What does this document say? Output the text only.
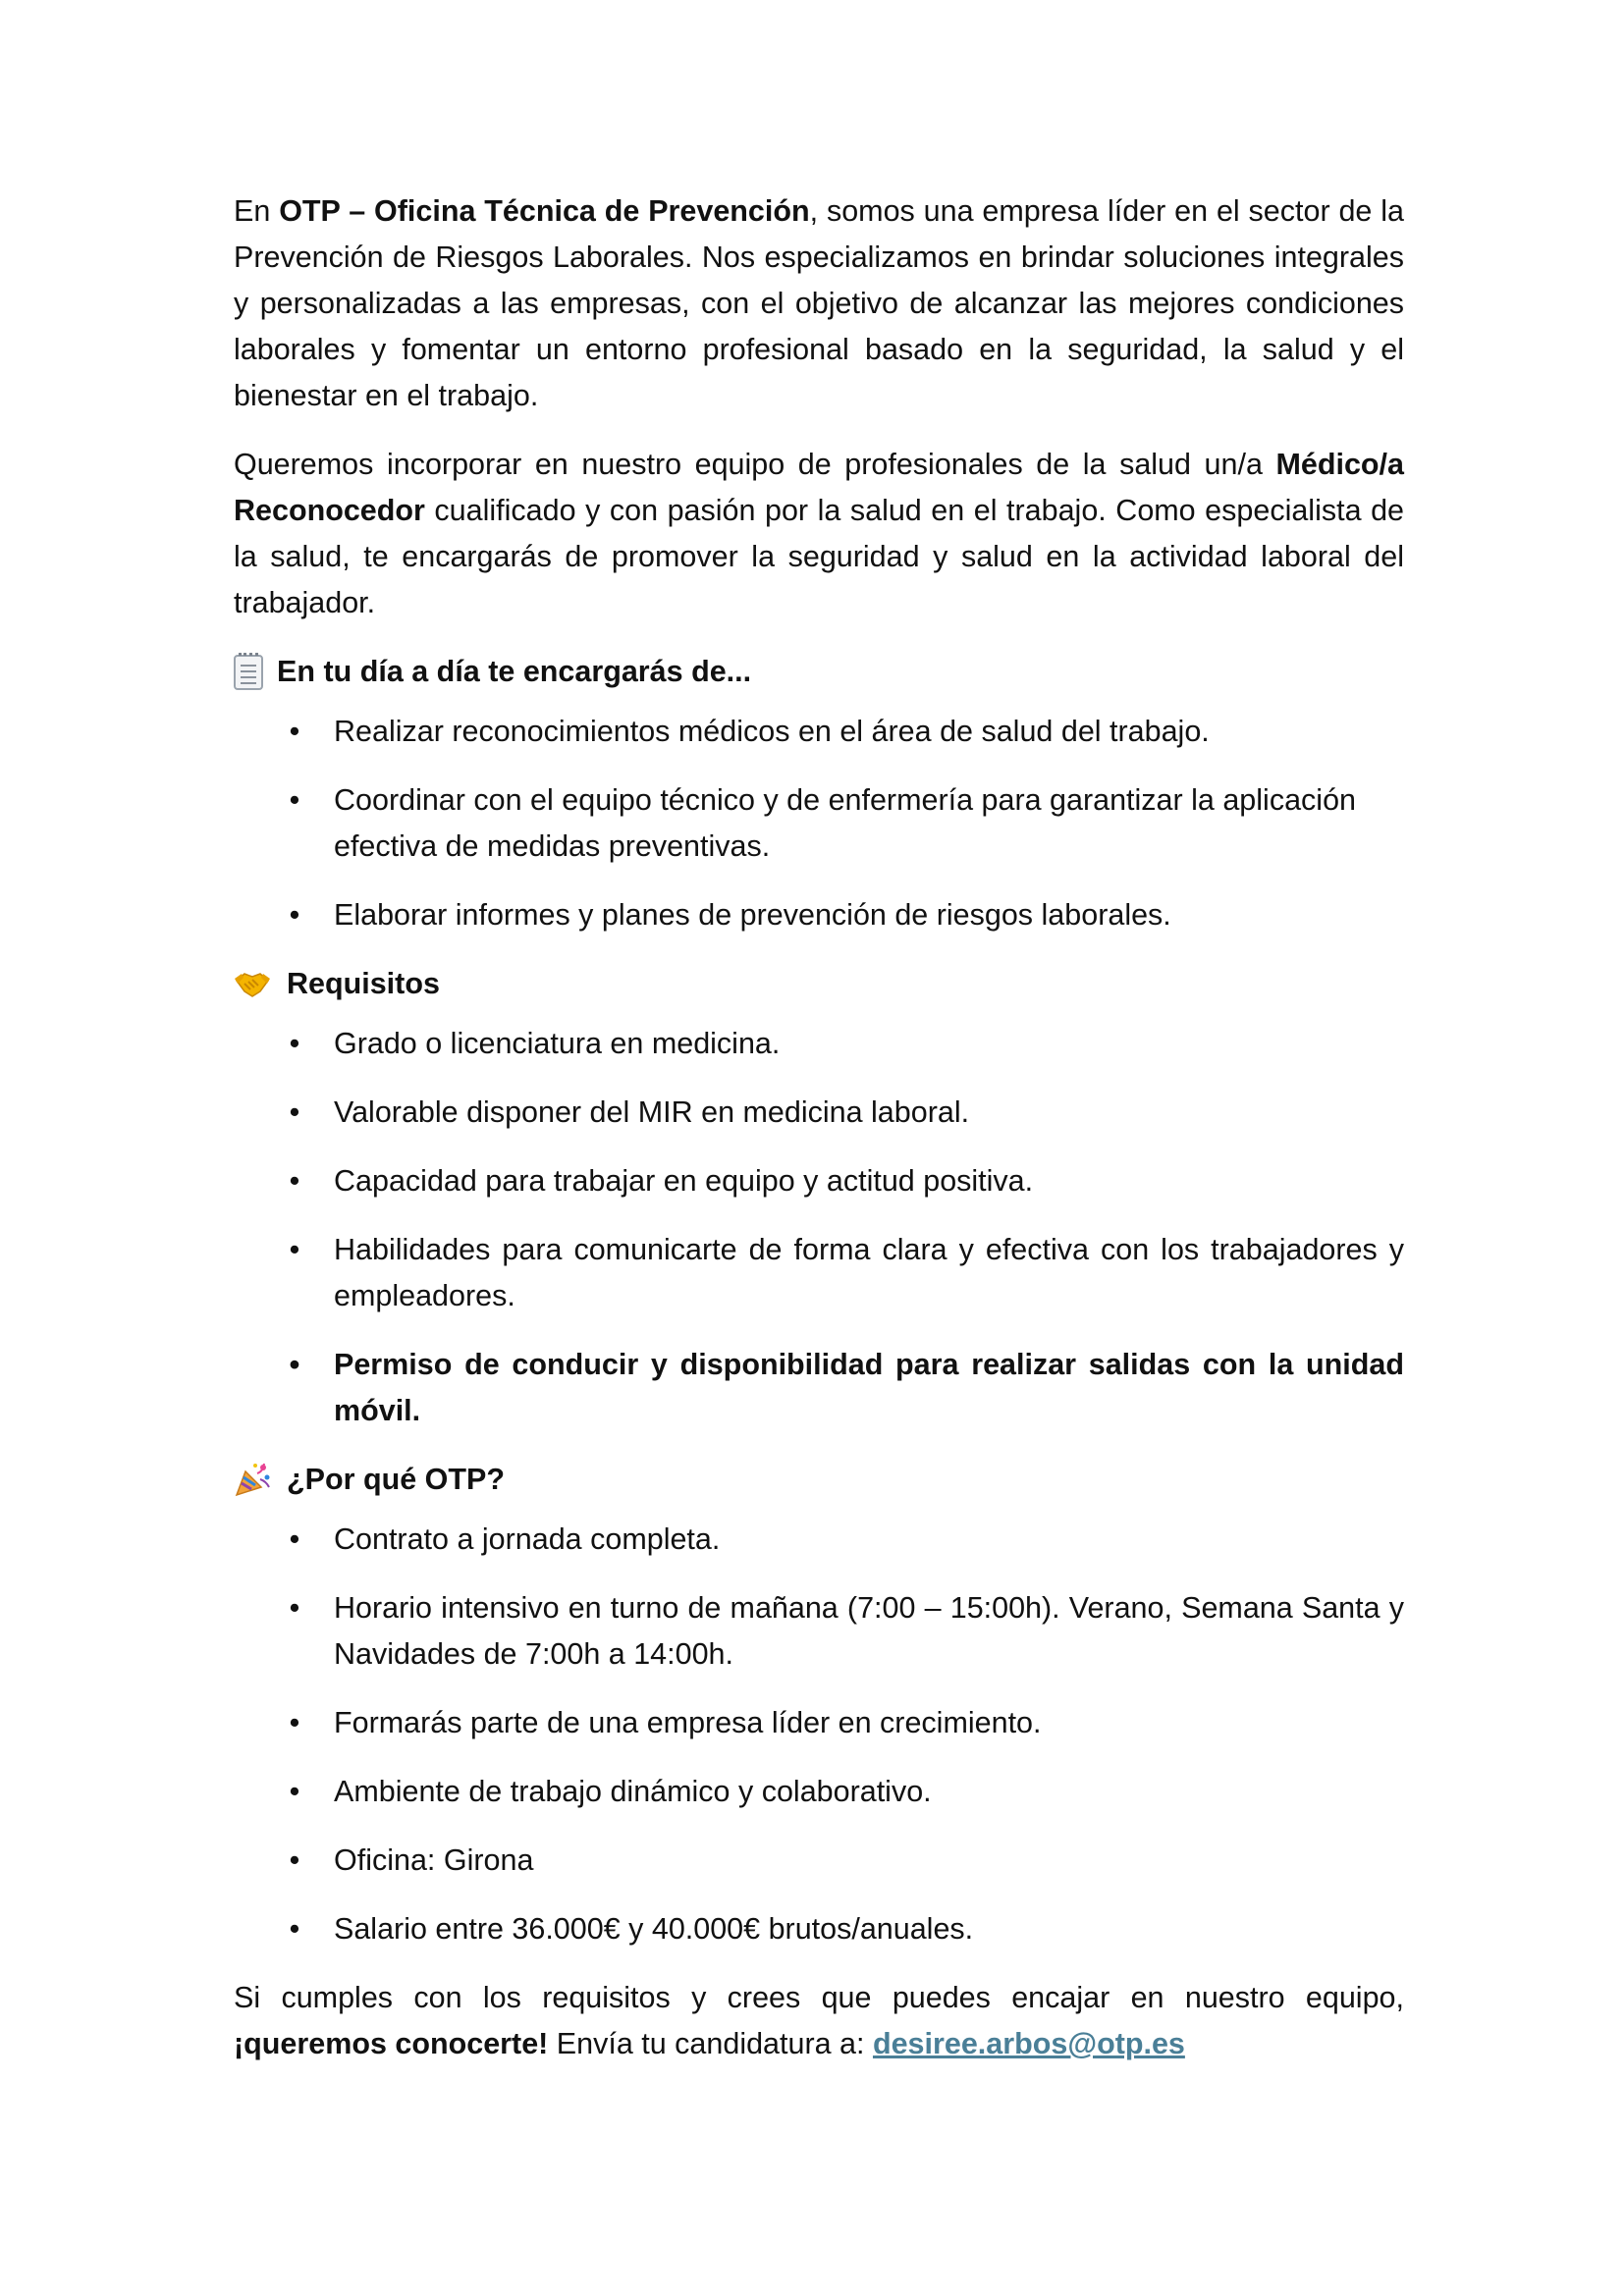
En OTP – Oficina Técnica de Prevención, somos una empresa líder en el sector de la Prevención de Riesgos Laborales. Nos especializamos en brindar soluciones integrales y personalizadas a las empresas, con el objetivo de alcanzar las mejores condiciones laborales y fomentar un entorno profesional basado en la seguridad, la salud y el bienestar en el trabajo.

Queremos incorporar en nuestro equipo de profesionales de la salud un/a Médico/a Reconocedor cualificado y con pasión por la salud en el trabajo. Como especialista de la salud, te encargarás de promover la seguridad y salud en la actividad laboral del trabajador.

En tu día a día te encargarás de...
• Realizar reconocimientos médicos en el área de salud del trabajo.
• Coordinar con el equipo técnico y de enfermería para garantizar la aplicación efectiva de medidas preventivas.
• Elaborar informes y planes de prevención de riesgos laborales.
Requisitos
• Grado o licenciatura en medicina.
• Valorable disponer del MIR en medicina laboral.
• Capacidad para trabajar en equipo y actitud positiva.
• Habilidades para comunicarte de forma clara y efectiva con los trabajadores y empleadores.
• Permiso de conducir y disponibilidad para realizar salidas con la unidad móvil.
¿Por qué OTP?
• Contrato a jornada completa.
• Horario intensivo en turno de mañana (7:00 – 15:00h). Verano, Semana Santa y Navidades de 7:00h a 14:00h.
• Formarás parte de una empresa líder en crecimiento.
• Ambiente de trabajo dinámico y colaborativo.
• Oficina: Girona
• Salario entre 36.000€ y 40.000€ brutos/anuales.

Si cumples con los requisitos y crees que puedes encajar en nuestro equipo, ¡queremos conocerte! Envía tu candidatura a: desiree.arbos@otp.es
